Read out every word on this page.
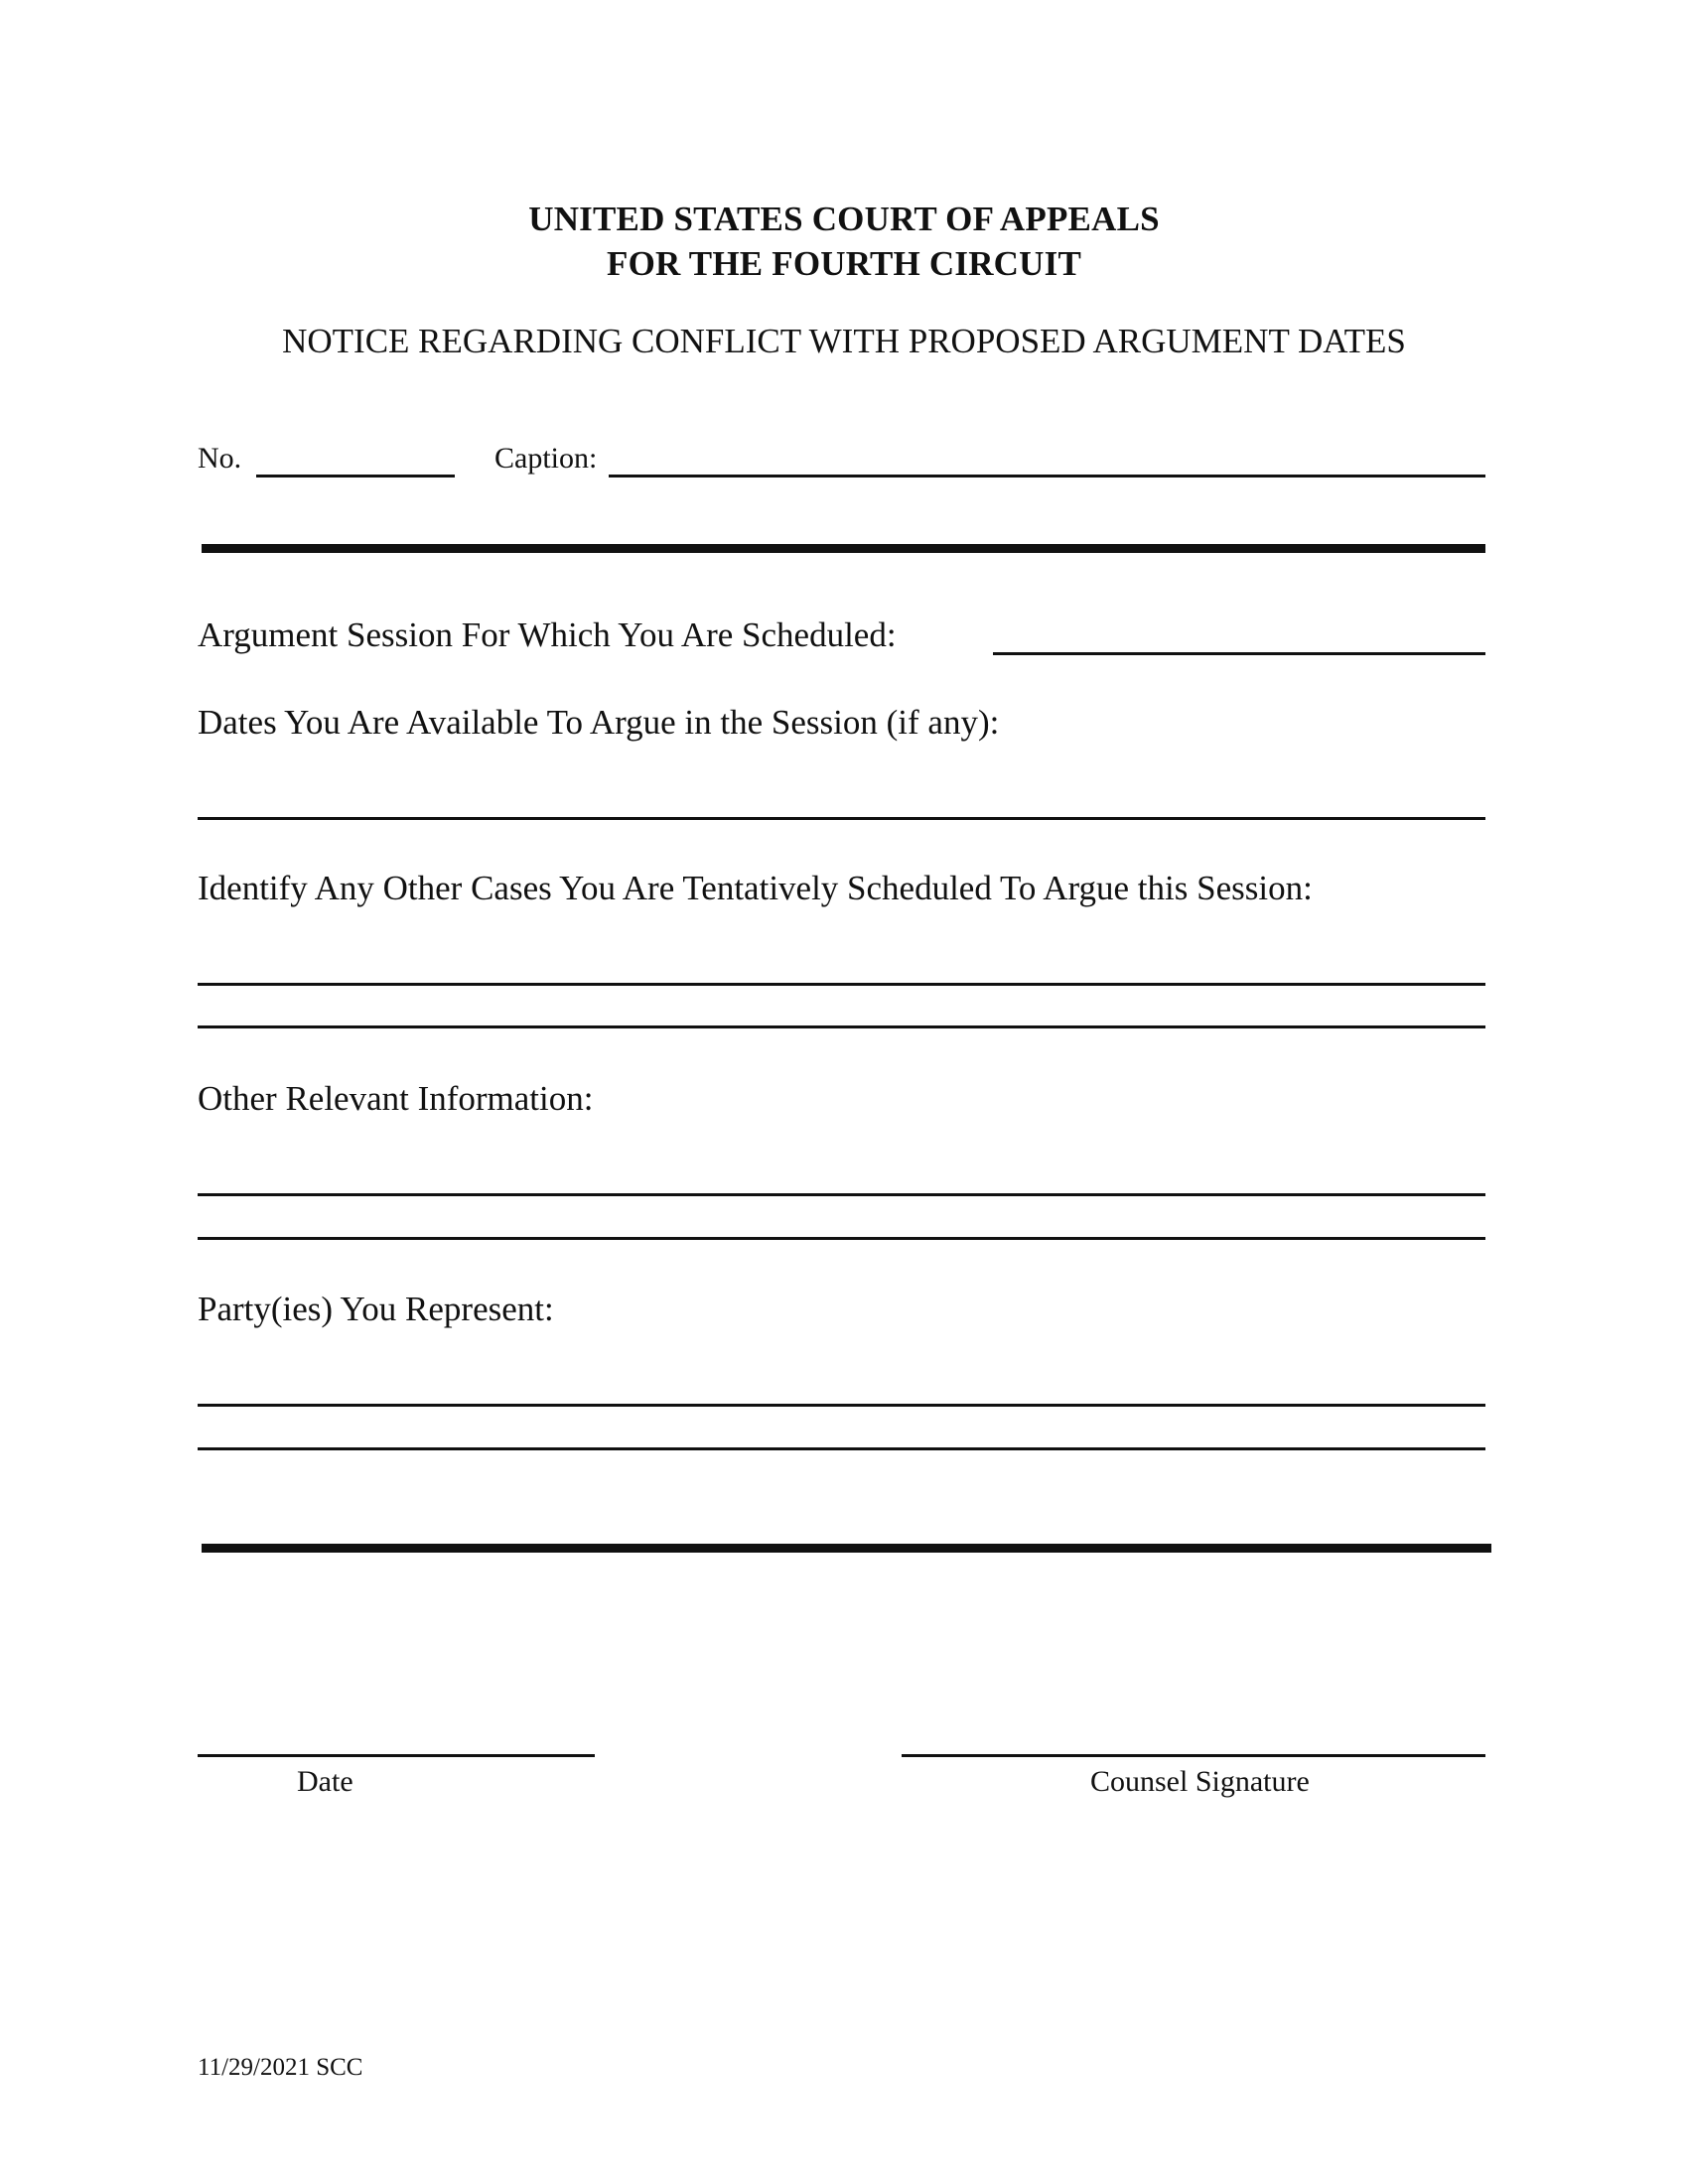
UNITED STATES COURT OF APPEALS
FOR THE FOURTH CIRCUIT
NOTICE REGARDING CONFLICT WITH PROPOSED ARGUMENT DATES
No.	Caption:
Argument Session For Which You Are Scheduled:
Dates You Are Available To Argue in the Session (if any):
Identify Any Other Cases You Are Tentatively Scheduled To Argue this Session:
Other Relevant Information:
Party(ies) You Represent:
Date	Counsel Signature
11/29/2021 SCC
